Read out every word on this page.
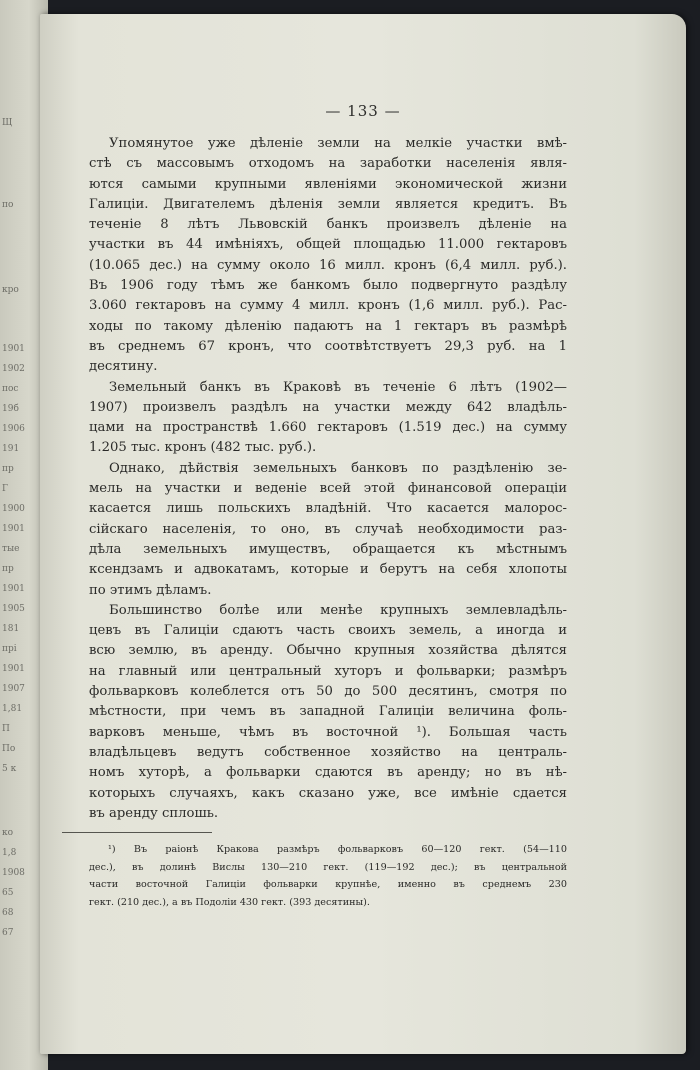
Щ
по
кро
1901
1902
пос
19б
1906
191
пр
Г
1900
1901
тые
пр
1901
1905
181
прі
1901
1907
1,81
П
По
5 к
ко
1,8
1908
65
68
67
— 133 —
Упомянутое уже дѣленіе земли на мелкіе участки вмѣ-
стѣ съ массовымъ отходомъ на заработки населенія явля-
ются самыми крупными явленіями экономической жизни
Галиціи. Двигателемъ дѣленія земли является кредитъ. Въ
теченіе 8 лѣтъ Львовскій банкъ произвелъ дѣленіе на
участки въ 44 имѣніяхъ, общей площадью 11.000 гектаровъ
(10.065 дес.) на сумму около 16 милл. кронъ (6,4 милл. руб.).
Въ 1906 году тѣмъ же банкомъ было подвергнуто раздѣлу
3.060 гектаровъ на сумму 4 милл. кронъ (1,6 милл. руб.). Рас-
ходы по такому дѣленію падаютъ на 1 гектаръ въ размѣрѣ
въ среднемъ 67 кронъ, что соотвѣтствуетъ 29,3 руб. на 1
десятину.
Земельный банкъ въ Краковѣ въ теченіе 6 лѣтъ (1902—
1907) произвелъ раздѣлъ на участки между 642 владѣль-
цами на пространствѣ 1.660 гектаровъ (1.519 дес.) на сумму
1.205 тыс. кронъ (482 тыс. руб.).
Однако, дѣйствія земельныхъ банковъ по раздѣленію зе-
мель на участки и веденіе всей этой финансовой операціи
касается лишь польскихъ владѣній. Что касается малорос-
сійскаго населенія, то оно, въ случаѣ необходимости раз-
дѣла земельныхъ имуществъ, обращается къ мѣстнымъ
ксендзамъ и адвокатамъ, которые и берутъ на себя хлопоты
по этимъ дѣламъ.
Большинство болѣе или менѣе крупныхъ землевладѣль-
цевъ въ Галиціи сдаютъ часть своихъ земель, а иногда и
всю землю, въ аренду. Обычно крупныя хозяйства дѣлятся
на главный или центральный хуторъ и фольварки; размѣръ
фольварковъ колеблется отъ 50 до 500 десятинъ, смотря по
мѣстности, при чемъ въ западной Галиціи величина фоль-
варковъ меньше, чѣмъ въ восточной ¹). Большая часть
владѣльцевъ ведутъ собственное хозяйство на централь-
номъ хуторѣ, а фольварки сдаются въ аренду; но въ нѣ-
которыхъ случаяхъ, какъ сказано уже, все имѣніе сдается
въ аренду сплошь.
¹) Въ раіонѣ Кракова размѣръ фольварковъ 60—120 гект. (54—110
дес.), въ долинѣ Вислы 130—210 гект. (119—192 дес.); въ центральной
части восточной Галиціи фольварки крупнѣе, именно въ среднемъ 230
гект. (210 дес.), а въ Подоліи 430 гект. (393 десятины).
